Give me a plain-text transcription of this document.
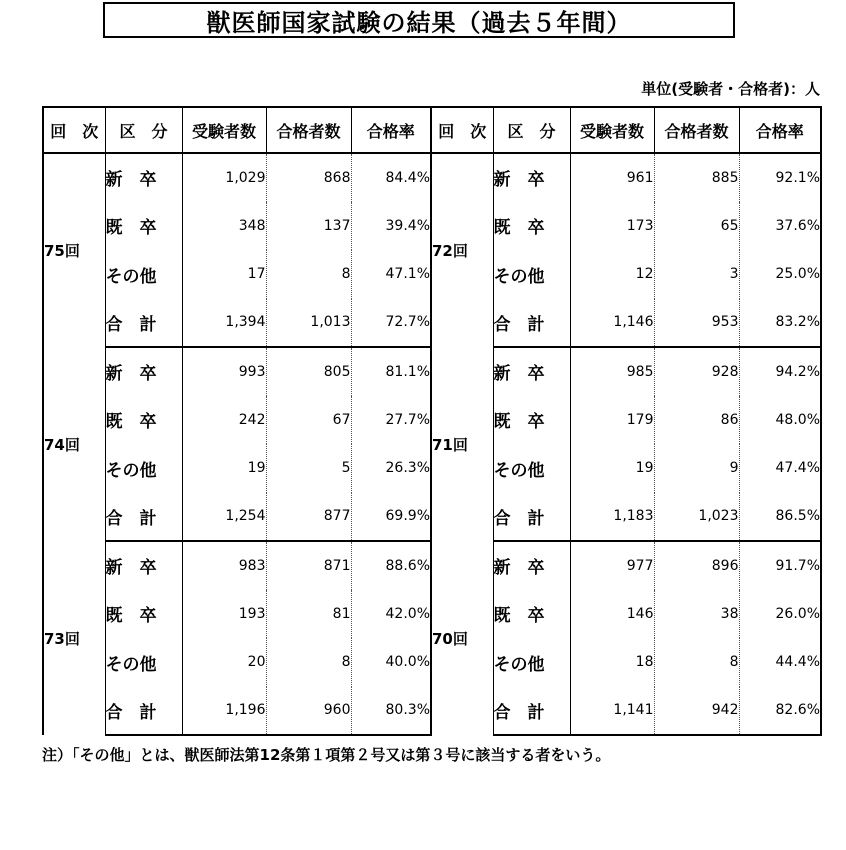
獣医師国家試験の結果（過去５年間）
単位(受験者・合格者)：人
回　次	区　分	受験者数	合格者数	合格率	回　次	区　分	受験者数	合格者数	合格率
75回	新　卒	1,029	868	84.4%	72回	新　卒	961	885	92.1%
	既　卒	348	137	39.4%		既　卒	173	65	37.6%
	その他	17	8	47.1%		その他	12	3	25.0%
	合　計	1,394	1,013	72.7%		合　計	1,146	953	83.2%
74回	新　卒	993	805	81.1%	71回	新　卒	985	928	94.2%
	既　卒	242	67	27.7%		既　卒	179	86	48.0%
	その他	19	5	26.3%		その他	19	9	47.4%
	合　計	1,254	877	69.9%		合　計	1,183	1,023	86.5%
73回	新　卒	983	871	88.6%	70回	新　卒	977	896	91.7%
	既　卒	193	81	42.0%		既　卒	146	38	26.0%
	その他	20	8	40.0%		その他	18	8	44.4%
	合　計	1,196	960	80.3%		合　計	1,141	942	82.6%
注）「その他」とは、獣医師法第12条第１項第２号又は第３号に該当する者をいう。
